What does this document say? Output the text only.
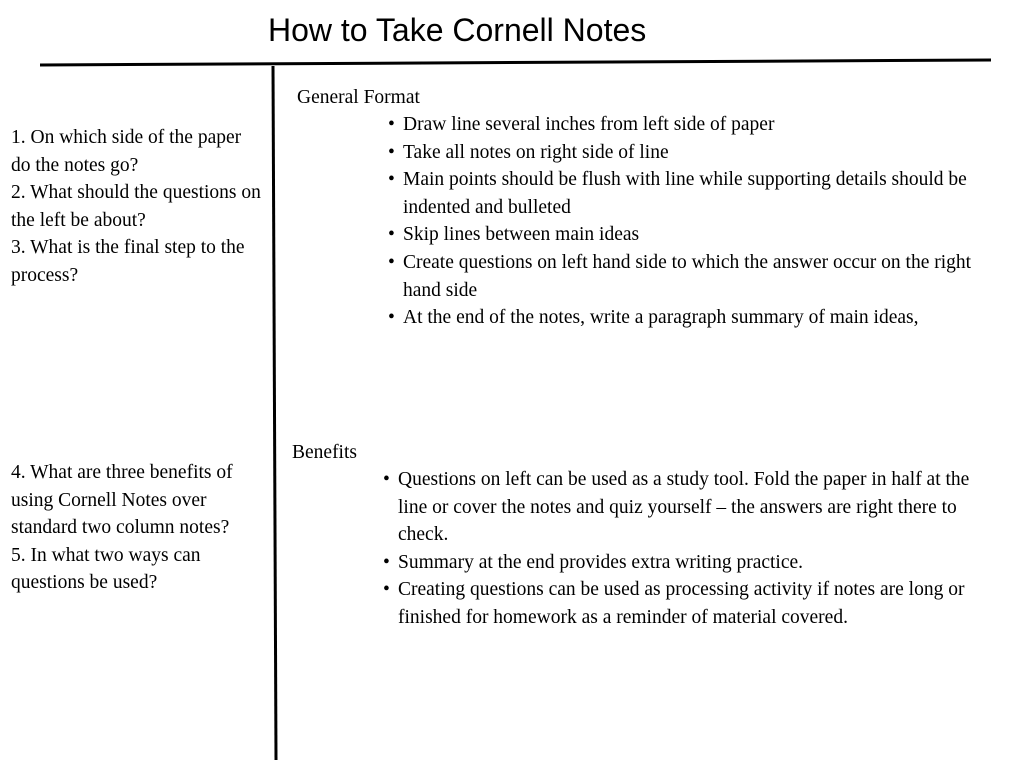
How to Take Cornell Notes

1. On which side of the paper do the notes go?

2. What should the questions on the left be about?

3. What is the final step to the process?

4. What are three benefits of using Cornell Notes over standard two column notes?

5. In what two ways can questions be used?

General Format
• Draw line several inches from left side of paper
• Take all notes on right side of line
• Main points should be flush with line while supporting details should be indented and bulleted
• Skip lines between main ideas
• Create questions on left hand side to which the answer occur on the right hand side
• At the end of the notes, write a paragraph summary of main ideas,
Benefits
• Questions on left can be used as a study tool. Fold the paper in half at the line or cover the notes and quiz yourself – the answers are right there to check.
• Summary at the end provides extra writing practice.
• Creating questions can be used as processing activity if notes are long or finished for homework as a reminder of material covered.
